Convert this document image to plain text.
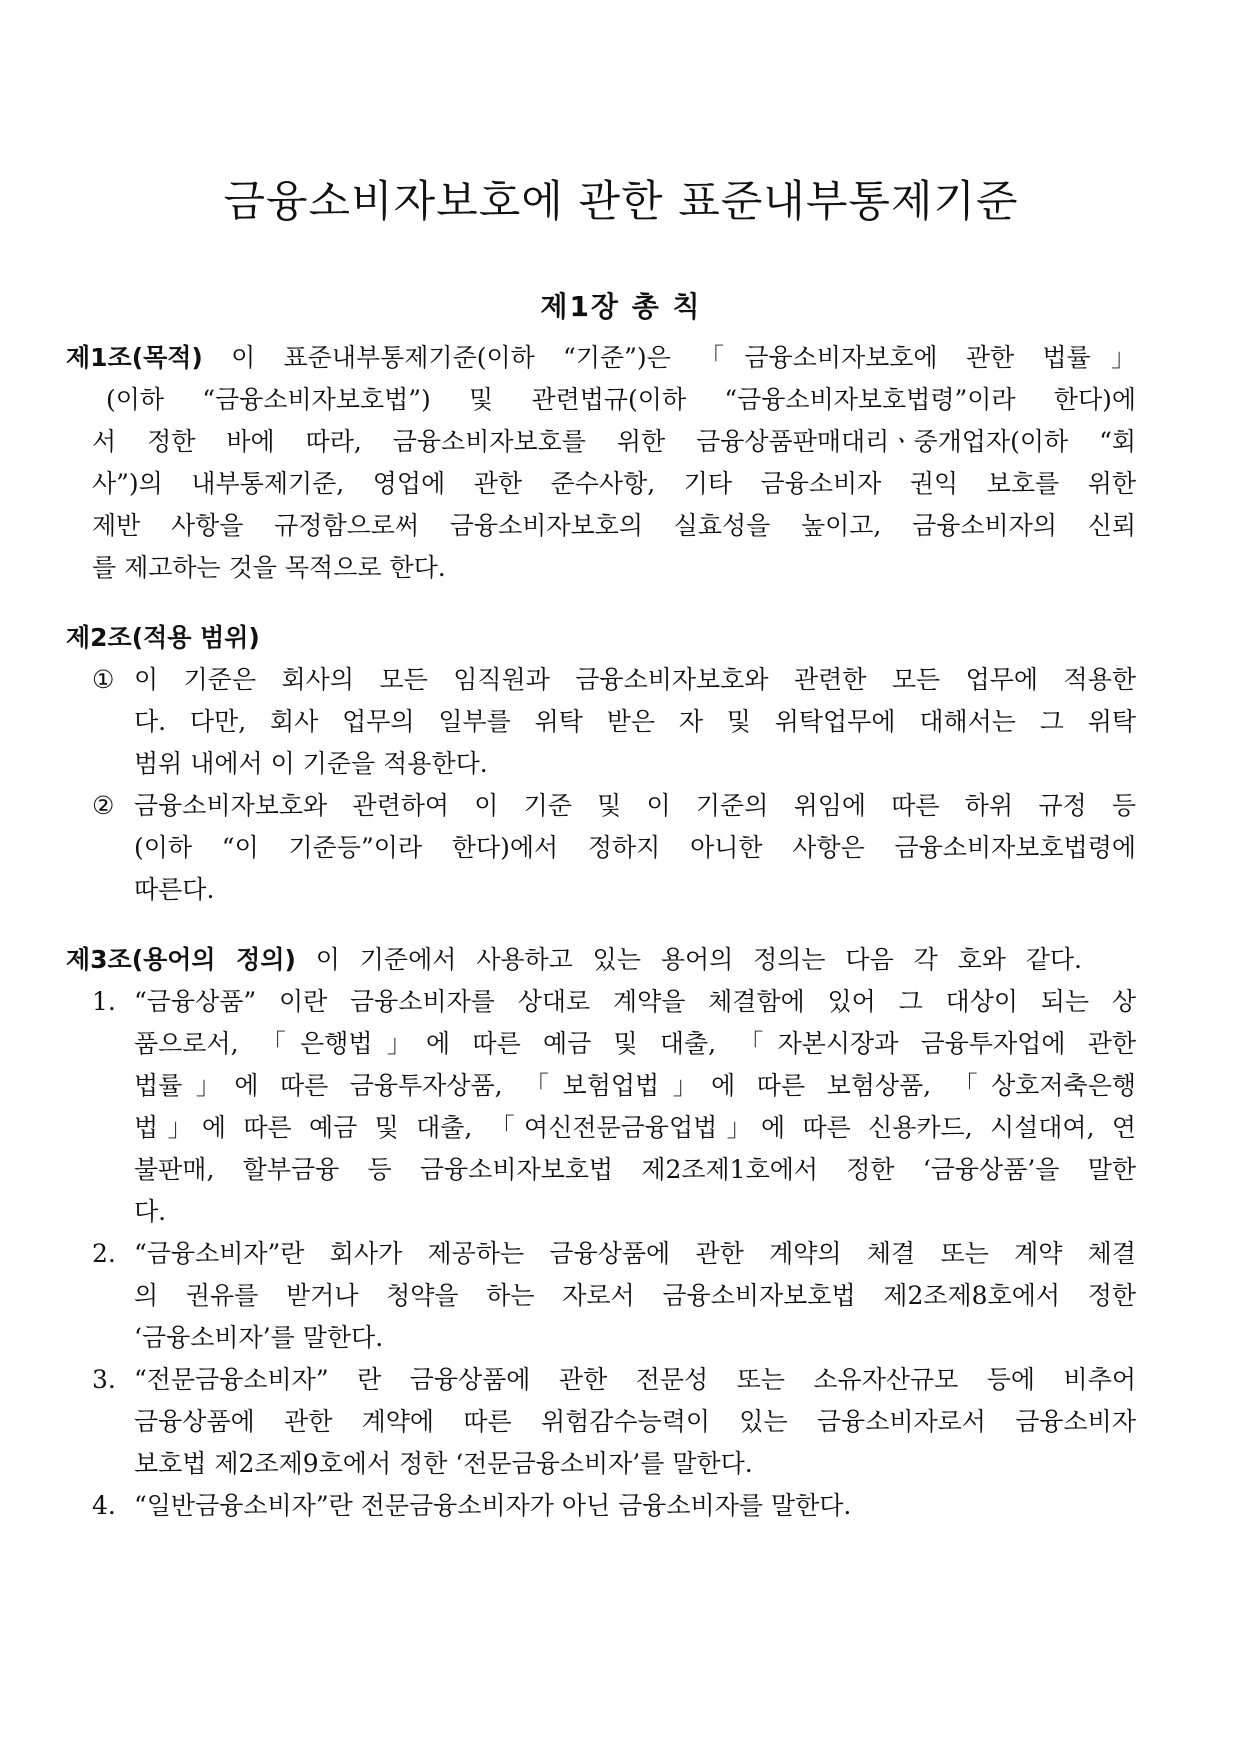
금융소비자보호에 관한 표준내부통제기준
제1장 총 칙
제1조(목적) 이 표준내부통제기준(이하 “기준”)은 「금융소비자보호에 관한 법률」
(이하 “금융소비자보호법”) 및 관련법규(이하 “금융소비자보호법령”이라 한다)에
서 정한 바에 따라, 금융소비자보호를 위한 금융상품판매대리ㆍ중개업자(이하 “회
사”)의 내부통제기준, 영업에 관한 준수사항, 기타 금융소비자 권익 보호를 위한
제반 사항을 규정함으로써 금융소비자보호의 실효성을 높이고, 금융소비자의 신뢰
를 제고하는 것을 목적으로 한다.
제2조(적용 범위)
① 이 기준은 회사의 모든 임직원과 금융소비자보호와 관련한 모든 업무에 적용한
다. 다만, 회사 업무의 일부를 위탁 받은 자 및 위탁업무에 대해서는 그 위탁
범위 내에서 이 기준을 적용한다.
② 금융소비자보호와 관련하여 이 기준 및 이 기준의 위임에 따른 하위 규정 등
(이하 “이 기준등”이라 한다)에서 정하지 아니한 사항은 금융소비자보호법령에
따른다.
제3조(용어의 정의) 이 기준에서 사용하고 있는 용어의 정의는 다음 각 호와 같다.
1. “금융상품” 이란 금융소비자를 상대로 계약을 체결함에 있어 그 대상이 되는 상
품으로서, 「은행법」에 따른 예금 및 대출, 「자본시장과 금융투자업에 관한
법률」에 따른 금융투자상품, 「보험업법」에 따른 보험상품, 「상호저축은행
법」에 따른 예금 및 대출, 「여신전문금융업법」에 따른 신용카드, 시설대여, 연
불판매, 할부금융 등 금융소비자보호법 제2조제1호에서 정한 ‘금융상품’을 말한
다.
2. “금융소비자”란 회사가 제공하는 금융상품에 관한 계약의 체결 또는 계약 체결
의 권유를 받거나 청약을 하는 자로서 금융소비자보호법 제2조제8호에서 정한
‘금융소비자’를 말한다.
3. “전문금융소비자” 란 금융상품에 관한 전문성 또는 소유자산규모 등에 비추어
금융상품에 관한 계약에 따른 위험감수능력이 있는 금융소비자로서 금융소비자
보호법 제2조제9호에서 정한 ‘전문금융소비자’를 말한다.
4. “일반금융소비자”란 전문금융소비자가 아닌 금융소비자를 말한다.
